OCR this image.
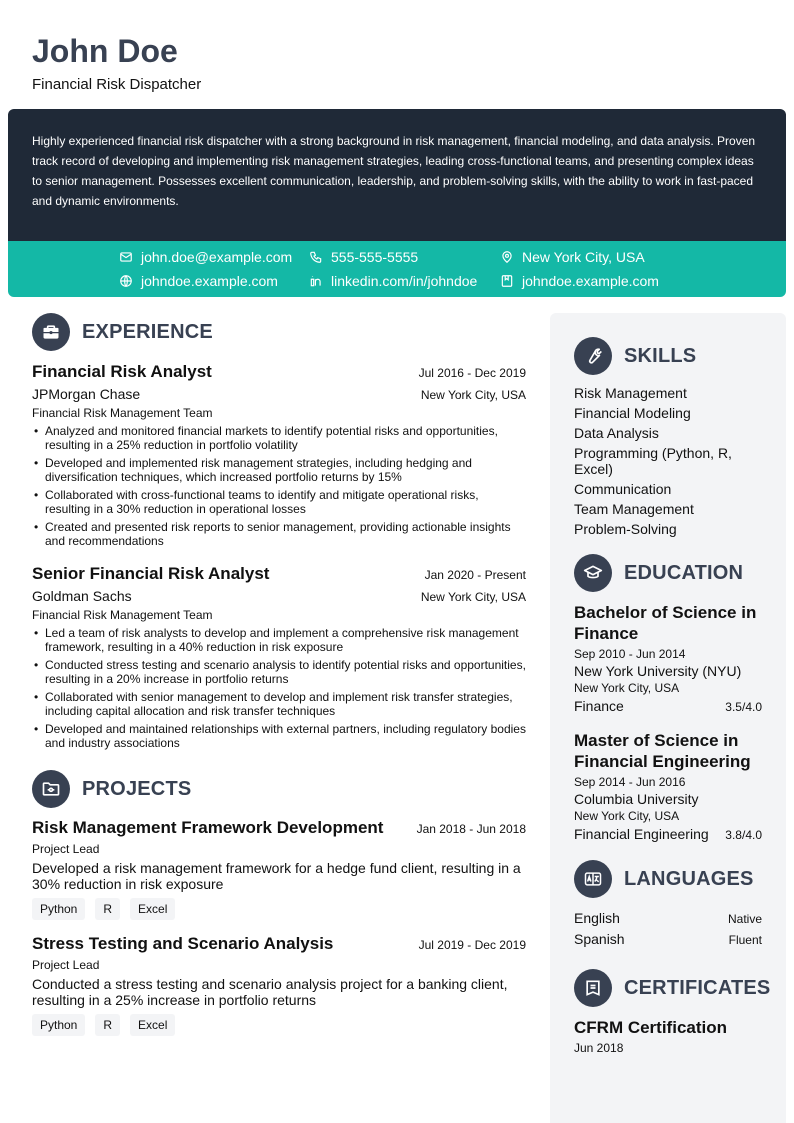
John Doe
Financial Risk Dispatcher

Highly experienced financial risk dispatcher with a strong background in risk management, financial modeling, and data analysis. Proven track record of developing and implementing risk management strategies, leading cross-functional teams, and presenting complex ideas to senior management. Possesses excellent communication, leadership, and problem-solving skills, with the ability to work in fast-paced and dynamic environments.

john.doe@example.com	555-555-5555	New York City, USA
johndoe.example.com	linkedin.com/in/johndoe	johndoe.example.com
EXPERIENCE
Financial Risk Analyst	Jul 2016 - Dec 2019
JPMorgan Chase	New York City, USA
Financial Risk Management Team
• Analyzed and monitored financial markets to identify potential risks and opportunities, resulting in a 25% reduction in portfolio volatility
• Developed and implemented risk management strategies, including hedging and diversification techniques, which increased portfolio returns by 15%
• Collaborated with cross-functional teams to identify and mitigate operational risks, resulting in a 30% reduction in operational losses
• Created and presented risk reports to senior management, providing actionable insights and recommendations
Senior Financial Risk Analyst	Jan 2020 - Present
Goldman Sachs	New York City, USA
Financial Risk Management Team
• Led a team of risk analysts to develop and implement a comprehensive risk management framework, resulting in a 40% reduction in risk exposure
• Conducted stress testing and scenario analysis to identify potential risks and opportunities, resulting in a 20% increase in portfolio returns
• Collaborated with senior management to develop and implement risk transfer strategies, including capital allocation and risk transfer techniques
• Developed and maintained relationships with external partners, including regulatory bodies and industry associations
PROJECTS
Risk Management Framework Development	Jan 2018 - Jun 2018
Project Lead
Developed a risk management framework for a hedge fund client, resulting in a 30% reduction in risk exposure
Python	R	Excel
Stress Testing and Scenario Analysis	Jul 2019 - Dec 2019
Project Lead
Conducted a stress testing and scenario analysis project for a banking client, resulting in a 25% increase in portfolio returns
Python	R	Excel
SKILLS
Risk Management
Financial Modeling
Data Analysis
Programming (Python, R, Excel)
Communication
Team Management
Problem-Solving
EDUCATION
Bachelor of Science in Finance
Sep 2010 - Jun 2014
New York University (NYU)
New York City, USA
Finance	3.5/4.0
Master of Science in Financial Engineering
Sep 2014 - Jun 2016
Columbia University
New York City, USA
Financial Engineering 3.8/4.0
LANGUAGES
English	Native
Spanish	Fluent
CERTIFICATES
CFRM Certification
Jun 2018
